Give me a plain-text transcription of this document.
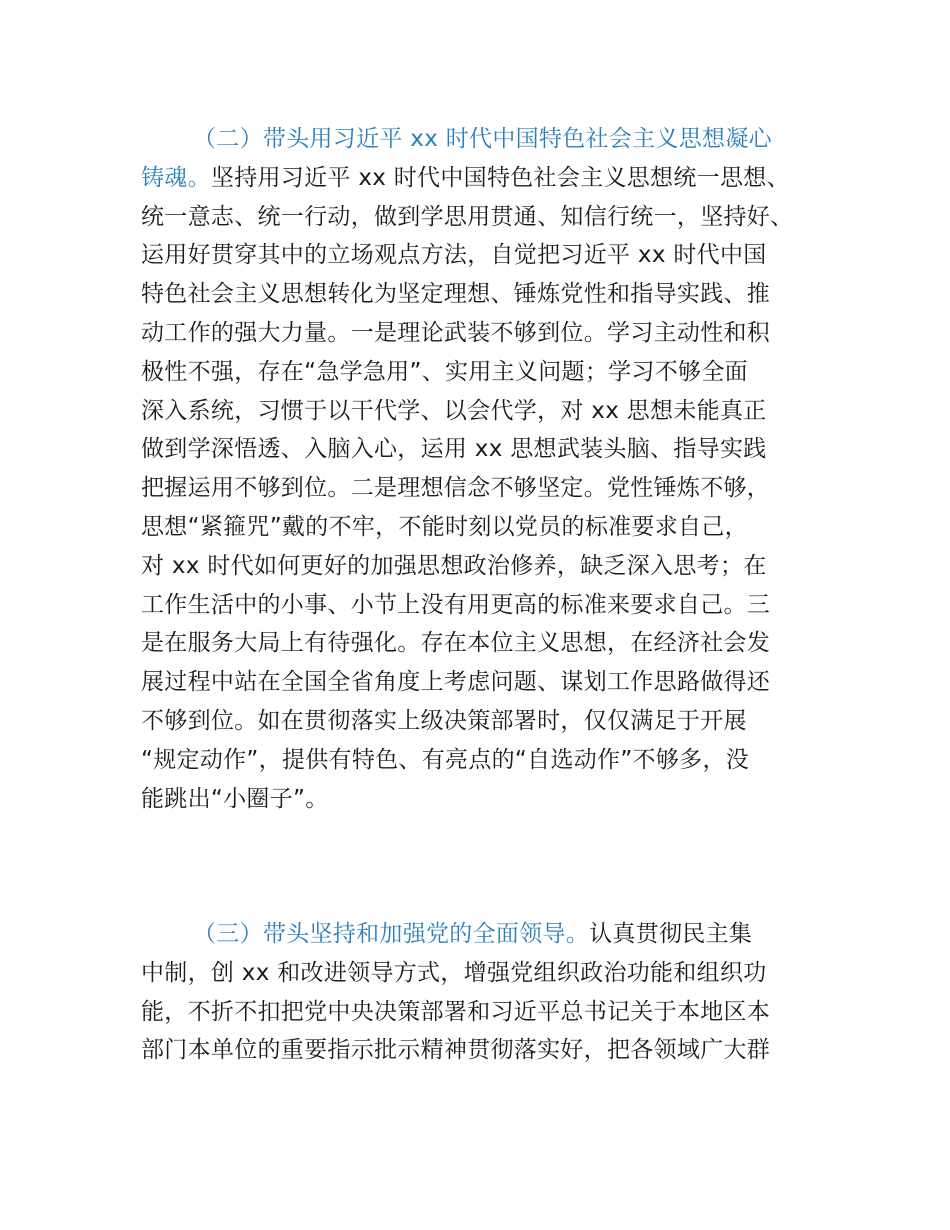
（二）带头用习近平 xx 时代中国特色社会主义思想凝心
铸魂。坚持用习近平 xx 时代中国特色社会主义思想统一思想、
统一意志、统一行动，做到学思用贯通、知信行统一，坚持好、
运用好贯穿其中的立场观点方法，自觉把习近平 xx 时代中国
特色社会主义思想转化为坚定理想、锤炼党性和指导实践、推
动工作的强大力量。一是理论武装不够到位。学习主动性和积
极性不强，存在“急学急用”、实用主义问题；学习不够全面
深入系统，习惯于以干代学、以会代学，对 xx 思想未能真正
做到学深悟透、入脑入心，运用 xx 思想武装头脑、指导实践
把握运用不够到位。二是理想信念不够坚定。党性锤炼不够，
思想“紧箍咒”戴的不牢，不能时刻以党员的标准要求自己，
对 xx 时代如何更好的加强思想政治修养，缺乏深入思考；在
工作生活中的小事、小节上没有用更高的标准来要求自己。三
是在服务大局上有待强化。存在本位主义思想，在经济社会发
展过程中站在全国全省角度上考虑问题、谋划工作思路做得还
不够到位。如在贯彻落实上级决策部署时，仅仅满足于开展
“规定动作”，提供有特色、有亮点的“自选动作”不够多，没
能跳出“小圈子”。
（三）带头坚持和加强党的全面领导。认真贯彻民主集
中制，创 xx 和改进领导方式，增强党组织政治功能和组织功
能，不折不扣把党中央决策部署和习近平总书记关于本地区本
部门本单位的重要指示批示精神贯彻落实好，把各领域广大群
